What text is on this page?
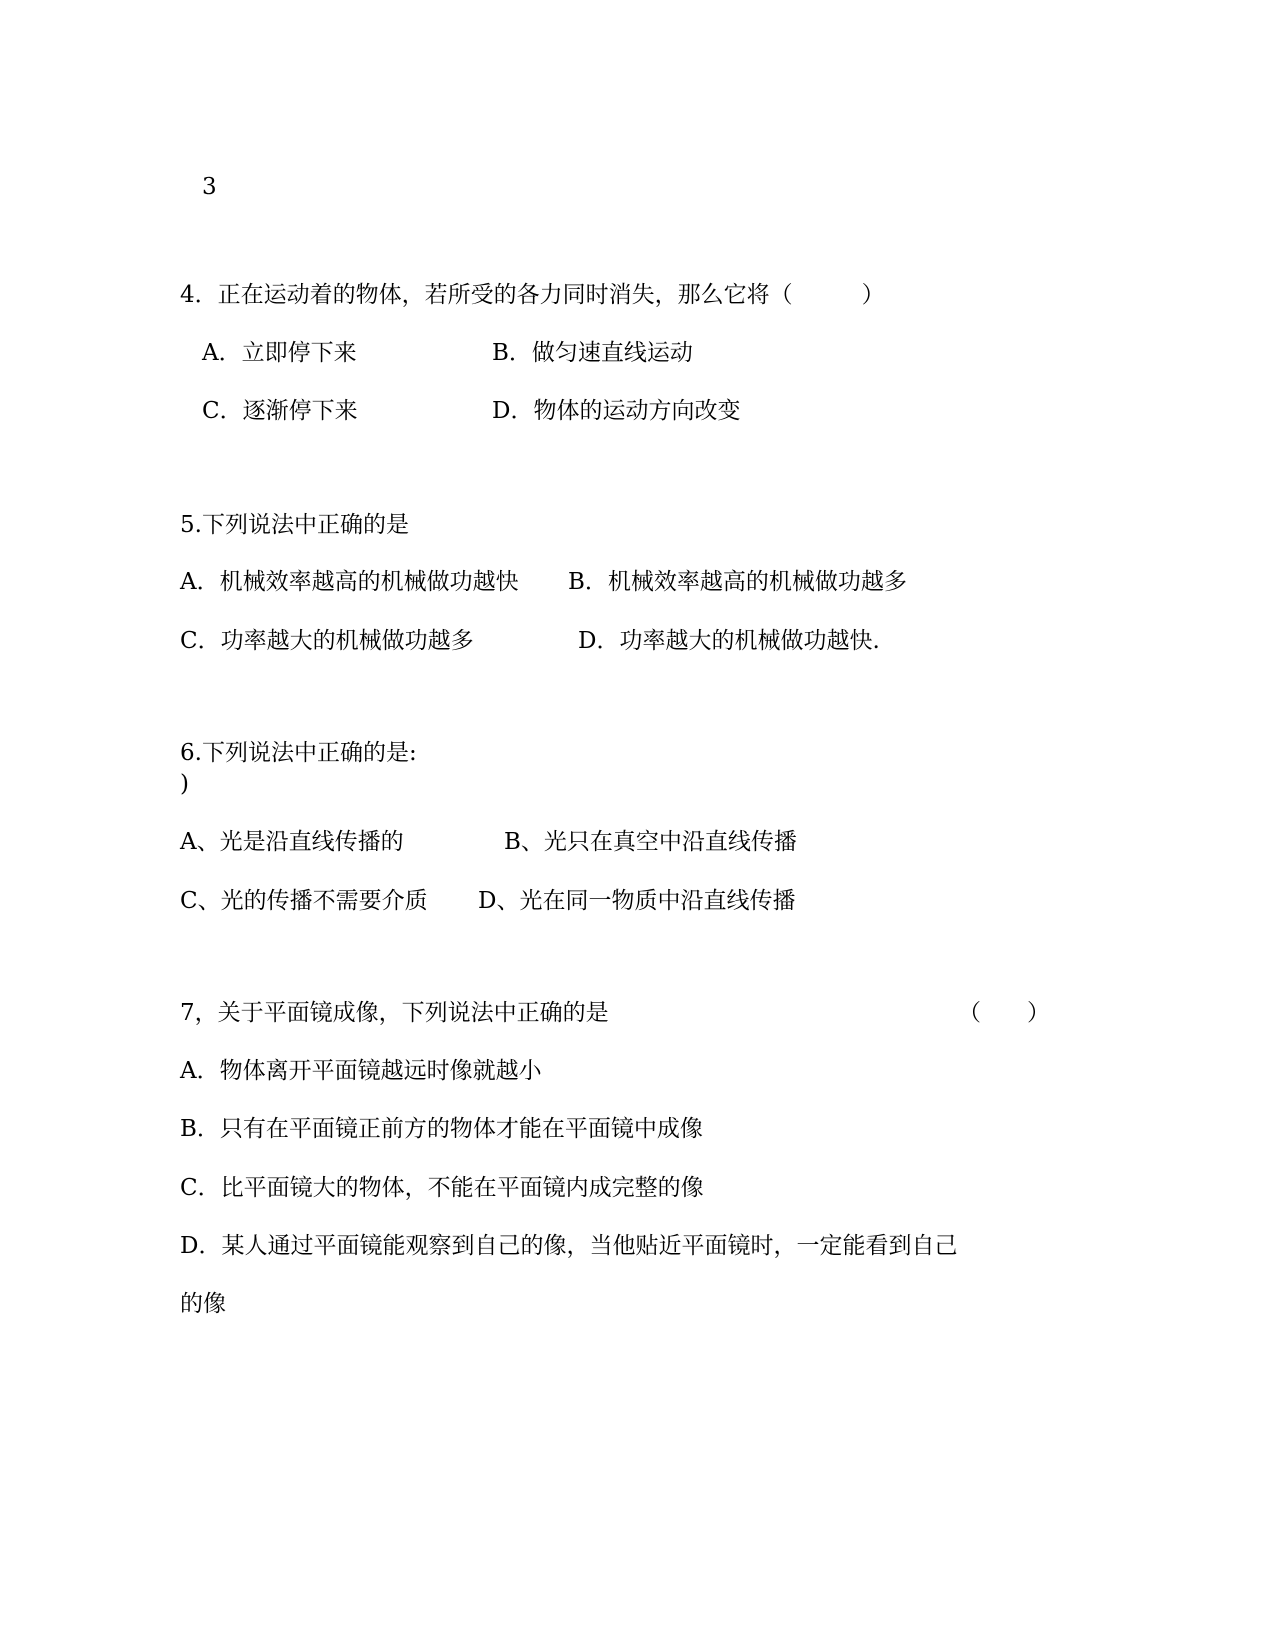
3
4．正在运动着的物体，若所受的各力同时消失，那么它将（　　　）
A．立即停下来	B．做匀速直线运动
C．逐渐停下来	D．物体的运动方向改变
5.下列说法中正确的是
A．机械效率越高的机械做功越快 B．机械效率越高的机械做功越多
C．功率越大的机械做功越多	D．功率越大的机械做功越快.
6.下列说法中正确的是:
)
A、光是沿直线传播的	B、光只在真空中沿直线传播
C、光的传播不需要介质 D、光在同一物质中沿直线传播
7，关于平面镜成像，下列说法中正确的是	（　　）
A．物体离开平面镜越远时像就越小
B．只有在平面镜正前方的物体才能在平面镜中成像
C．比平面镜大的物体，不能在平面镜内成完整的像
D．某人通过平面镜能观察到自己的像，当他贴近平面镜时，一定能看到自己
的像
